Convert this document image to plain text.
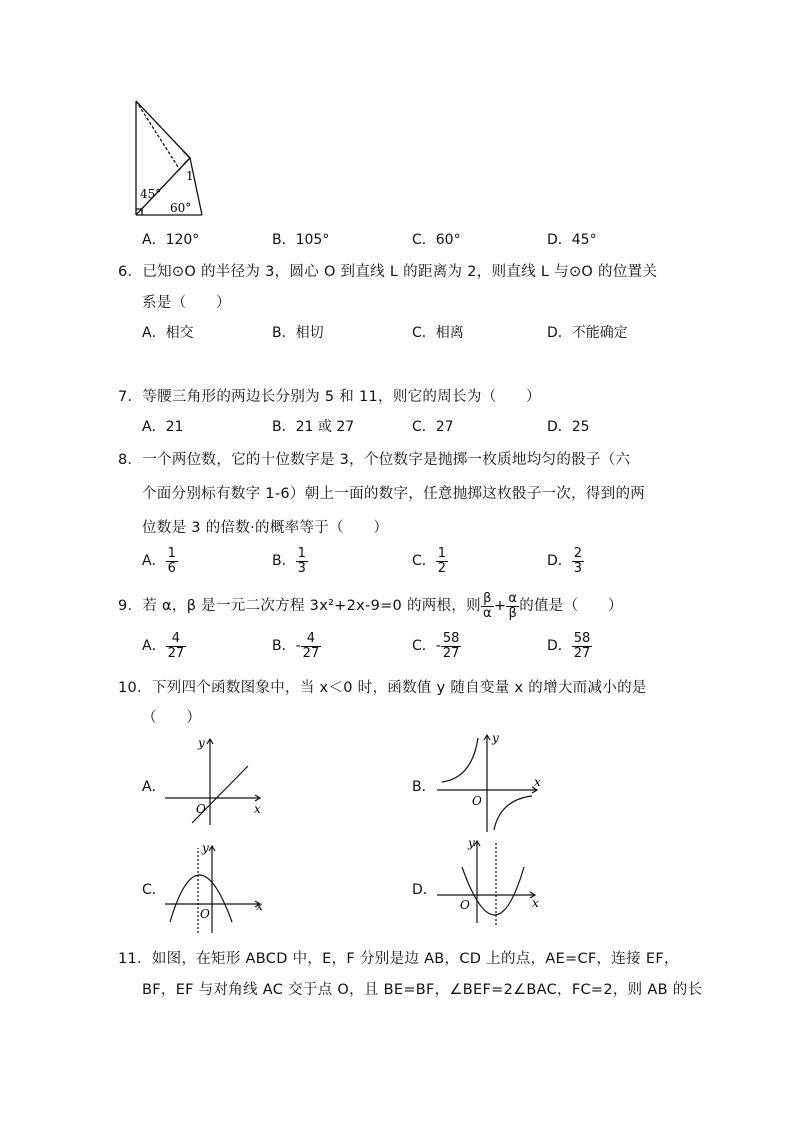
45°
60°
1
A．120°	B．105°	C．60°	D．45°
6．已知⊙O 的半径为 3，圆心 O 到直线 L 的距离为 2，则直线 L 与⊙O 的位置关
系是（　　）
A．相交	B．相切	C．相离	D．不能确定
7．等腰三角形的两边长分别为 5 和 11，则它的周长为（　　）
A．21	B．21 或 27	C．27	D．25
8．一个两位数，它的十位数字是 3，个位数字是抛掷一枚质地均匀的骰子（六
个面分别标有数字 1-6）朝上一面的数字，任意抛掷这枚骰子一次，得到的两
位数是 3 的倍数·的概率等于（　　）
A． $\frac{1}{6}$	B． $\frac{1}{3}$	C． $\frac{1}{2}$	D． $\frac{2}{3}$
9．若 α，β 是一元二次方程 3x²+2x-9=0 的两根，则 $\frac{\beta}{\alpha} + \frac{\alpha}{\beta}$ 的值是（　　）
A． $\frac{4}{27}$	B．- $\frac{4}{27}$	C．- $\frac{58}{27}$	D． $\frac{58}{27}$
10．下列四个函数图象中，当 x＜0 时，函数值 y 随自变量 x 的增大而减小的是
（　　）
A．	B．
C．	D．
x
y
O
x
y
O
x
y
O
x
y
O
11．如图，在矩形 ABCD 中，E，F 分别是边 AB，CD 上的点，AE=CF，连接 EF，
BF，EF 与对角线 AC 交于点 O，且 BE=BF，∠BEF=2∠BAC，FC=2，则 AB 的长
